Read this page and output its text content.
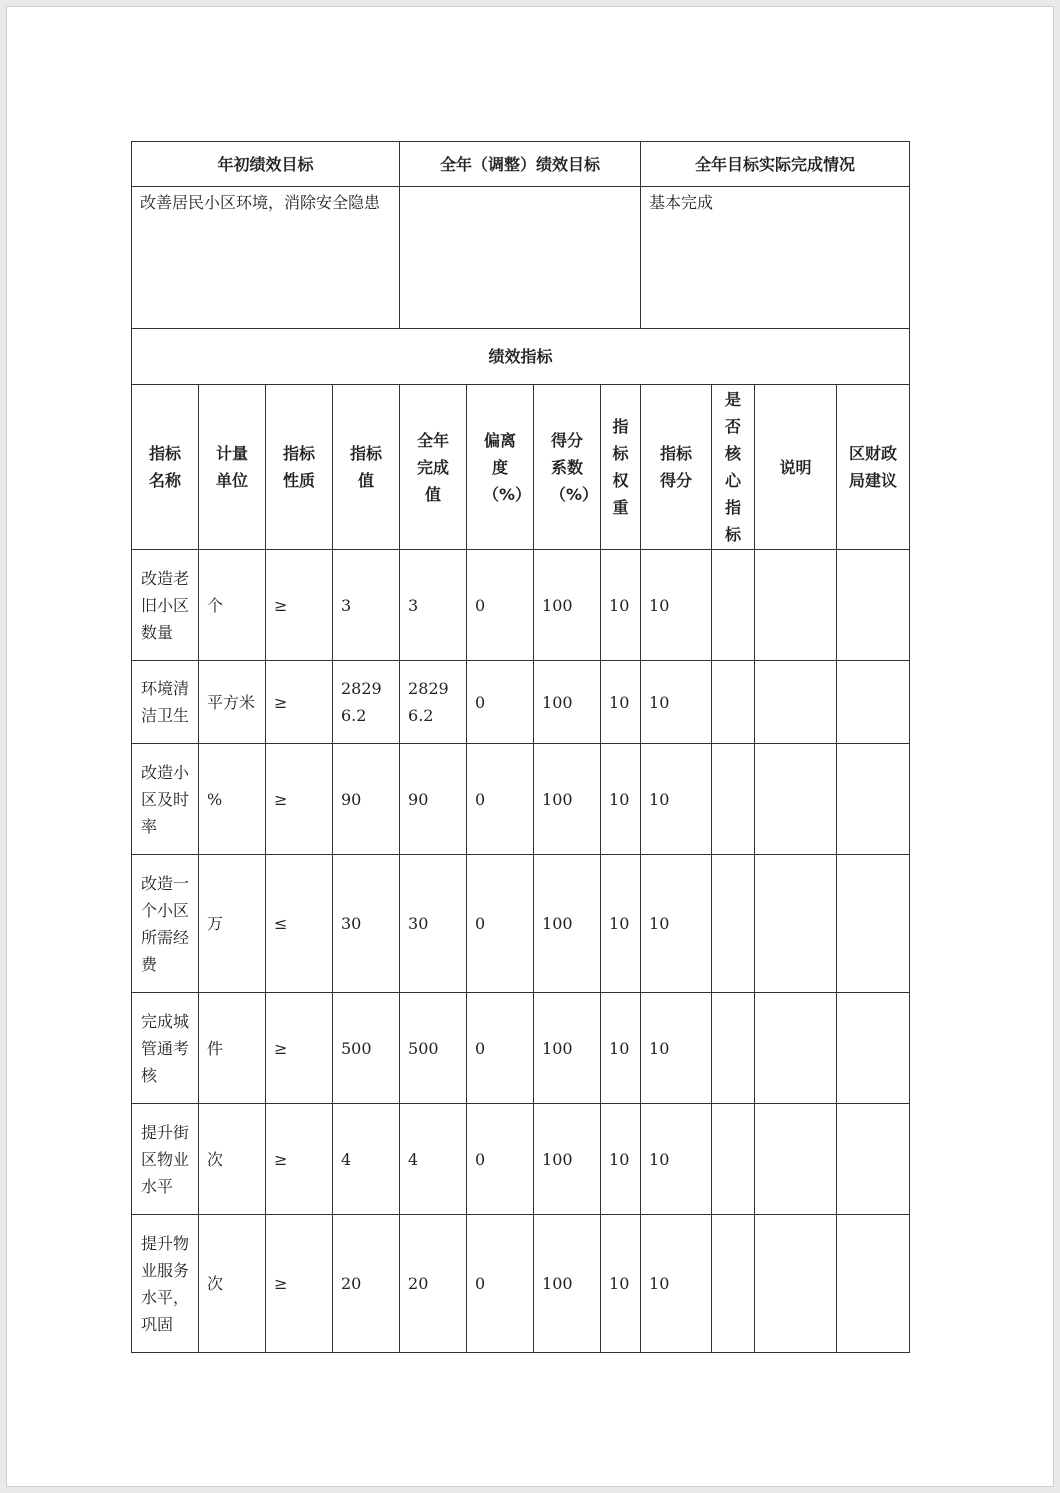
年初绩效目标				全年（调整）绩效目标				全年目标实际完成情况			
改善居民小区环境，消除安全隐患								基本完成			
绩效指标											

指标名称	计量单位	指标性质	指标值	全年完成值	偏离度（%）	得分系数（%）	指标权重	指标得分	是否核心指标	说明	区财政局建议

改造老旧小区数量	个	≥	3	3	0	100	10	10			
环境清洁卫生	平方米	≥	28296.2	28296.2	0	100	10	10			
改造小区及时率	%	≥	90	90	0	100	10	10			
改造一个小区所需经费	万	≤	30	30	0	100	10	10			
完成城管通考核	件	≥	500	500	0	100	10	10			
提升街区物业水平	次	≥	4	4	0	100	10	10			
提升物业服务水平，巩固	次	≥	20	20	0	100	10	10			
